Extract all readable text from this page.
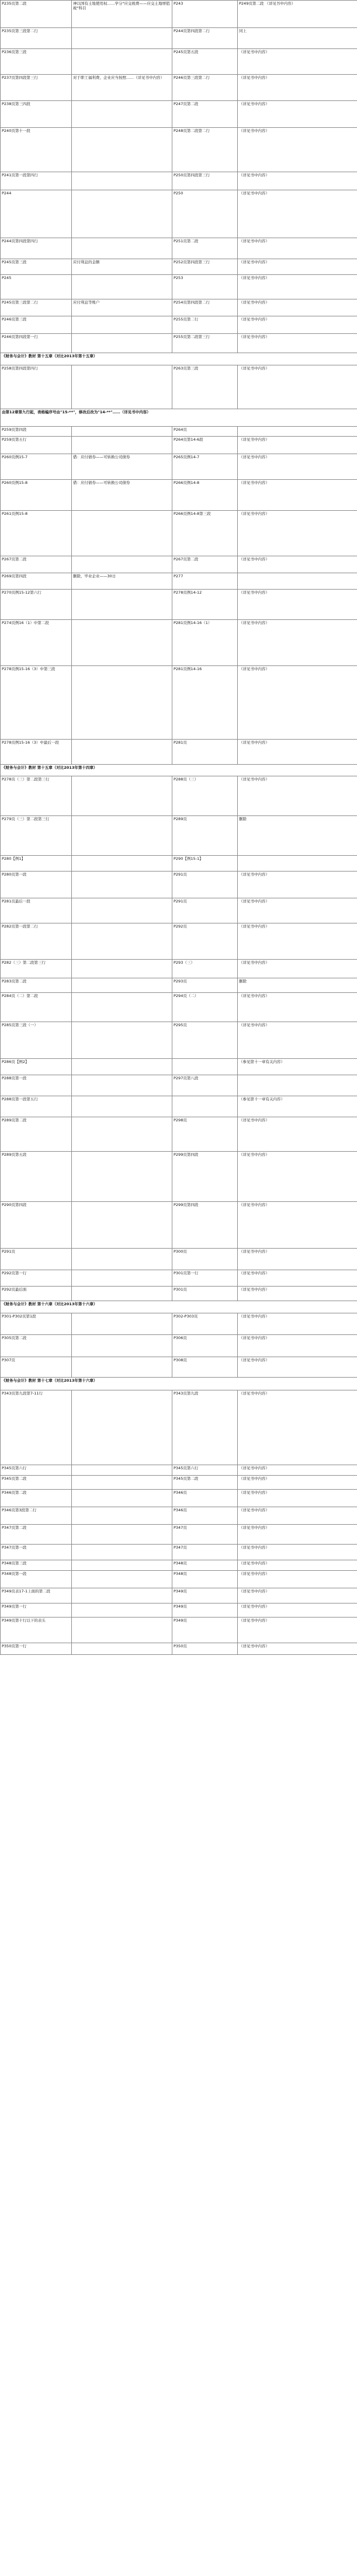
P235页第二段	神以国有土地使用权……学分"应交税费——应交土地增值税"科目	P243	P249页第二段 （详见书中内容）
P235页第三段第二行		P244页第四段第二行	同上
P236页第三段		P245页第五段	（详见书中内容）
P237页第四段第三行	对于职工福利费、企业应当按照……（详见书中内容）	P246页第三段第二行	（详见书中内容）
P238页第三四段		P247页第二段	（详见书中内容）
P240页第十一段		P248页第二段第二行	（详见书中内容）
P241页第一段第四行		P250页第四段第三行	（详见书中内容）
P244		P250	（详见书中内容）
P244页第四段第四行		P251页第二段	（详见书中内容）
P245页第三段	应付利息的金额	P252页第四段第三行	（详见书中内容）
P245		P253	（详见书中内容）
P245页第三段第二行	应付利息等账户	P254页第四段第二行	（详见书中内容）
P246页第三段		P255页第二行	（详见书中内容）
P246页第四段第一行		P255页第二段第三行	（详见书中内容）
《财务与会计》教材 第十五章（对比2013年第十五章）			
P258页第四段第四行		P263页第三段	（详见书中内容）
由第12章第九行起，表格编序号由"15-**"，修改后改为"14-**"……（详见书中内容）			
P259页第四段		P264页	
P259页第五行		P264页第14-6段	（详见书中内容）
P260页例15-7	借：应付债券——可转换公司债券	P265页例14-7	（详见书中内容）
P260页例15-8	借：应付债券——可转换公司债券	P266页例14-8	（详见书中内容）
P261页例15-8		P266页例14-8第三段	（详见书中内容）
P267页第二段		P267页第二段	（详见书中内容）
P269页第四段	删除，毕业企业——30日	P277	
P270页例15-12第六行		P278页例14-12	（详见书中内容）
P274页例16（1）中第二段		P281页例14-16（1）	（详见书中内容）
P278页例15-16（3）中第三段		P281页例14-16	（详见书中内容）
P278页例15-16（3）中最后一段		P281页	（详见书中内容）
《财务与会计》教材 第十五章（对比2013年第十四章）			
P278页（三）第二段第三行		P288页（三）	（详见书中内容）
P279页（三）第二段第三行		P289页	删除
P280【例1】		P290【例15-1】	
P280页第一段		P291页	（详见书中内容）
P281页最后一段		P291页	（详见书中内容）
P282页第一段第二行		P292页	（详见书中内容）
P282（三）第二段第三行		P293（三）	（详见书中内容）
P283页第二段		P293页	删除
P284页（二）第二段		P294页（二）	（详见书中内容）
P285页第三段（一）		P295页	（详见书中内容）
P286页【例2】			（参见第十一章有关内容）
P288页第一段		P297页第八段	
P288页第一段第五行			（参见第十一章有关内容）
P289页第二段		P298页	（详见书中内容）
P289页第五段		P299页第四段	（详见书中内容）
P290页第四段		P299页第四段	（详见书中内容）
P291页		P300页	（详见书中内容）
P292页第一行		P301页第一行	（详见书中内容）
P292页最后面		P301页	（详见书中内容）
《财务与会计》教材 第十六章（对比2013年第十六章）			
P301-P302页第1段		P302-P303页	（详见书中内容）
P305页第二段		P306页	（详见书中内容）
P307页		P308页	（详见书中内容）
《财务与会计》教材 第十七章（对比2013年第十六章）			
P343页第九段第7-11行		P343页第九段	（详见书中内容）
P345页第六行		P345页第六行	（详见书中内容）
P345页第二段		P345页第二段	（详见书中内容）
P346页第二段		P346页	（详见书中内容）
P346页第3段第二行		P346页	（详见书中内容）
P347页第二段		P347页	（详见书中内容）
P347页第一段		P347页	（详见书中内容）
P348页第三段		P348页	（详见书中内容）
P348页第一段		P348页	（详见书中内容）
P349页表17-1上面的第二段		P349页	（详见书中内容）
P349页第一行		P349页	（详见书中内容）
P349页第十行以下的表头		P349页	（详见书中内容）
P350页第一行		P350页	（详见书中内容）
